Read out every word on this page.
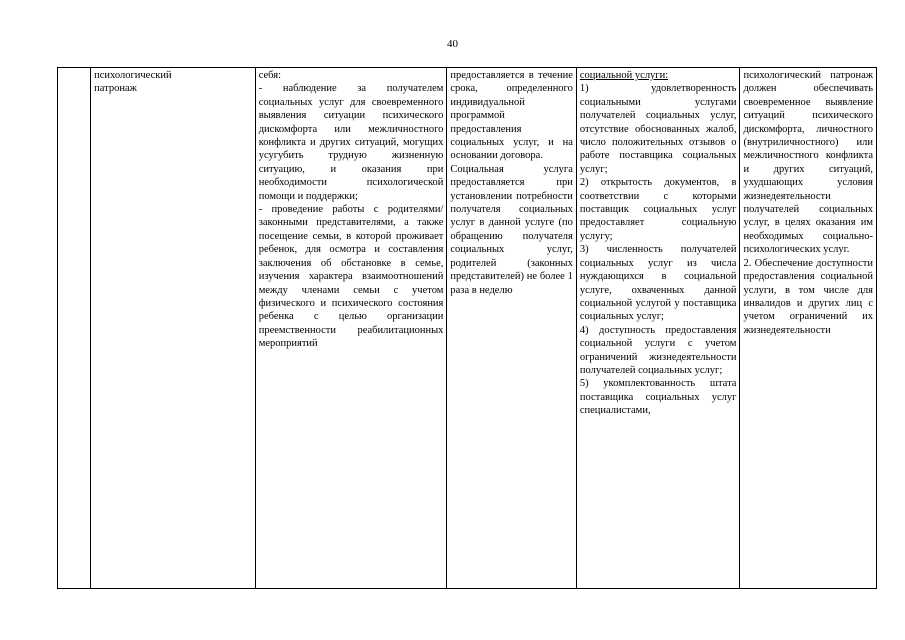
40

психологический
патронаж

себя:
- наблюдение за получателем социальных услуг для своевременного выявления ситуации психического дискомфорта или межличностного конфликта и других ситуаций, могущих усугубить трудную жизненную ситуацию, и оказания при необходимости психологической помощи и поддержки;
- проведение работы с родителями/законными представителями, а также посещение семьи, в которой проживает ребенок, для осмотра и составления заключения об обстановке в семье, изучения характера взаимоотношений между членами семьи с учетом физического и психического состояния ребенка с целью организации преемственности реабилитационных мероприятий

предоставляется в течение срока, определенного индивидуальной программой предоставления социальных услуг, и на основании договора.
Социальная услуга предоставляется при установлении потребности получателя социальных услуг в данной услуге (по обращению получателя социальных услуг, родителей (законных представителей) не более 1 раза в неделю

социальной услуги:
1) удовлетворенность социальными услугами получателей социальных услуг, отсутствие обоснованных жалоб, число положительных отзывов о работе поставщика социальных услуг;
2) открытость документов, в соответствии с которыми поставщик социальных услуг предоставляет социальную услугу;
3) численность получателей социальных услуг из числа нуждающихся в социальной услуге, охваченных данной социальной услугой у поставщика социальных услуг;
4) доступность предоставления социальной услуги с учетом ограничений жизнедеятельности получателей социальных услуг;
5) укомплектованность штата поставщика социальных услуг специалистами,

психологический патронаж должен обеспечивать своевременное выявление ситуаций психического дискомфорта, личностного (внутриличностного) или межличностного конфликта и других ситуаций, ухудшающих условия жизнедеятельности получателей социальных услуг, в целях оказания им необходимых социально-психологических услуг.
2. Обеспечение доступности предоставления социальной услуги, в том числе для инвалидов и других лиц с учетом ограничений их жизнедеятельности
